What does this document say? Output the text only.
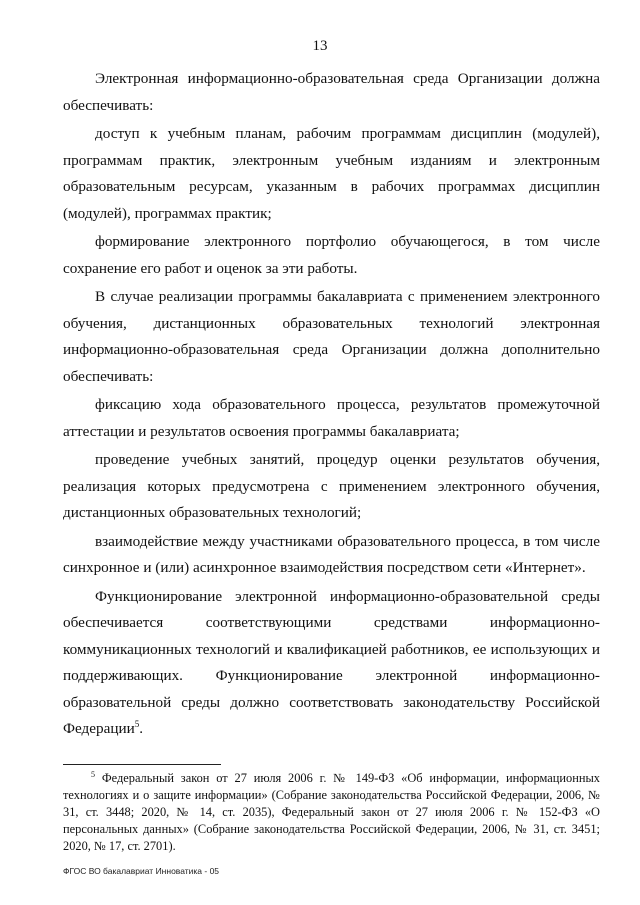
13

Электронная информационно-образовательная среда Организации должна обеспечивать:

доступ к учебным планам, рабочим программам дисциплин (модулей), программам практик, электронным учебным изданиям и электронным образовательным ресурсам, указанным в рабочих программах дисциплин (модулей), программах практик;

формирование электронного портфолио обучающегося, в том числе сохранение его работ и оценок за эти работы.

В случае реализации программы бакалавриата с применением электронного обучения, дистанционных образовательных технологий электронная информационно-образовательная среда Организации должна дополнительно обеспечивать:

фиксацию хода образовательного процесса, результатов промежуточной аттестации и результатов освоения программы бакалавриата;

проведение учебных занятий, процедур оценки результатов обучения, реализация которых предусмотрена с применением электронного обучения, дистанционных образовательных технологий;

взаимодействие между участниками образовательного процесса, в том числе синхронное и (или) асинхронное взаимодействия посредством сети «Интернет».

Функционирование электронной информационно-образовательной среды обеспечивается соответствующими средствами информационно-коммуникационных технологий и квалификацией работников, ее использующих и поддерживающих. Функционирование электронной информационно-образовательной среды должно соответствовать законодательству Российской Федерации$^5$.

$^5$ Федеральный закон от 27 июля 2006 г. № 149-ФЗ «Об информации, информационных технологиях и о защите информации» (Собрание законодательства Российской Федерации, 2006, № 31, ст. 3448; 2020, № 14, ст. 2035), Федеральный закон от 27 июля 2006 г. № 152-ФЗ «О персональных данных» (Собрание законодательства Российской Федерации, 2006, № 31, ст. 3451; 2020, № 17, ст. 2701).

ФГОС ВО бакалавриат Инноватика - 05
